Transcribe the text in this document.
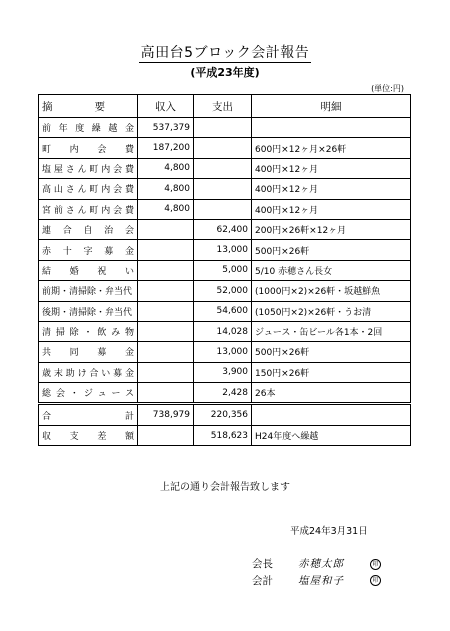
高田台5ブロック会計報告
(平成23年度)
(単位:円)
摘　　　　要	収入	支出	明細
前年度繰越金	537,379		
町内会費	187,200		600円×12ヶ月×26軒
塩屋さん町内会費	4,800		400円×12ヶ月
高山さん町内会費	4,800		400円×12ヶ月
宮前さん町内会費	4,800		400円×12ヶ月
連合自治会		62,400	200円×26軒×12ヶ月
赤十字募金		13,000	500円×26軒
結婚祝い		5,000	5/10 赤穂さん長女
前期・清掃除・弁当代		52,000	(1000円×2)×26軒・坂越鮮魚
後期・清掃除・弁当代		54,600	(1050円×2)×26軒・うお清
清掃除・飲み物		14,028	ジュース・缶ビール各1本・2回
共同募金		13,000	500円×26軒
歳末助け合い募金		3,900	150円×26軒
総会・ジュース		2,428	26本
合　　　　　計	738,979	220,356	
収　支　差　額		518,623	H24年度へ繰越
上記の通り会計報告致します
平成24年3月31日
会長 赤穂太郎	印
会計 塩屋和子	印
